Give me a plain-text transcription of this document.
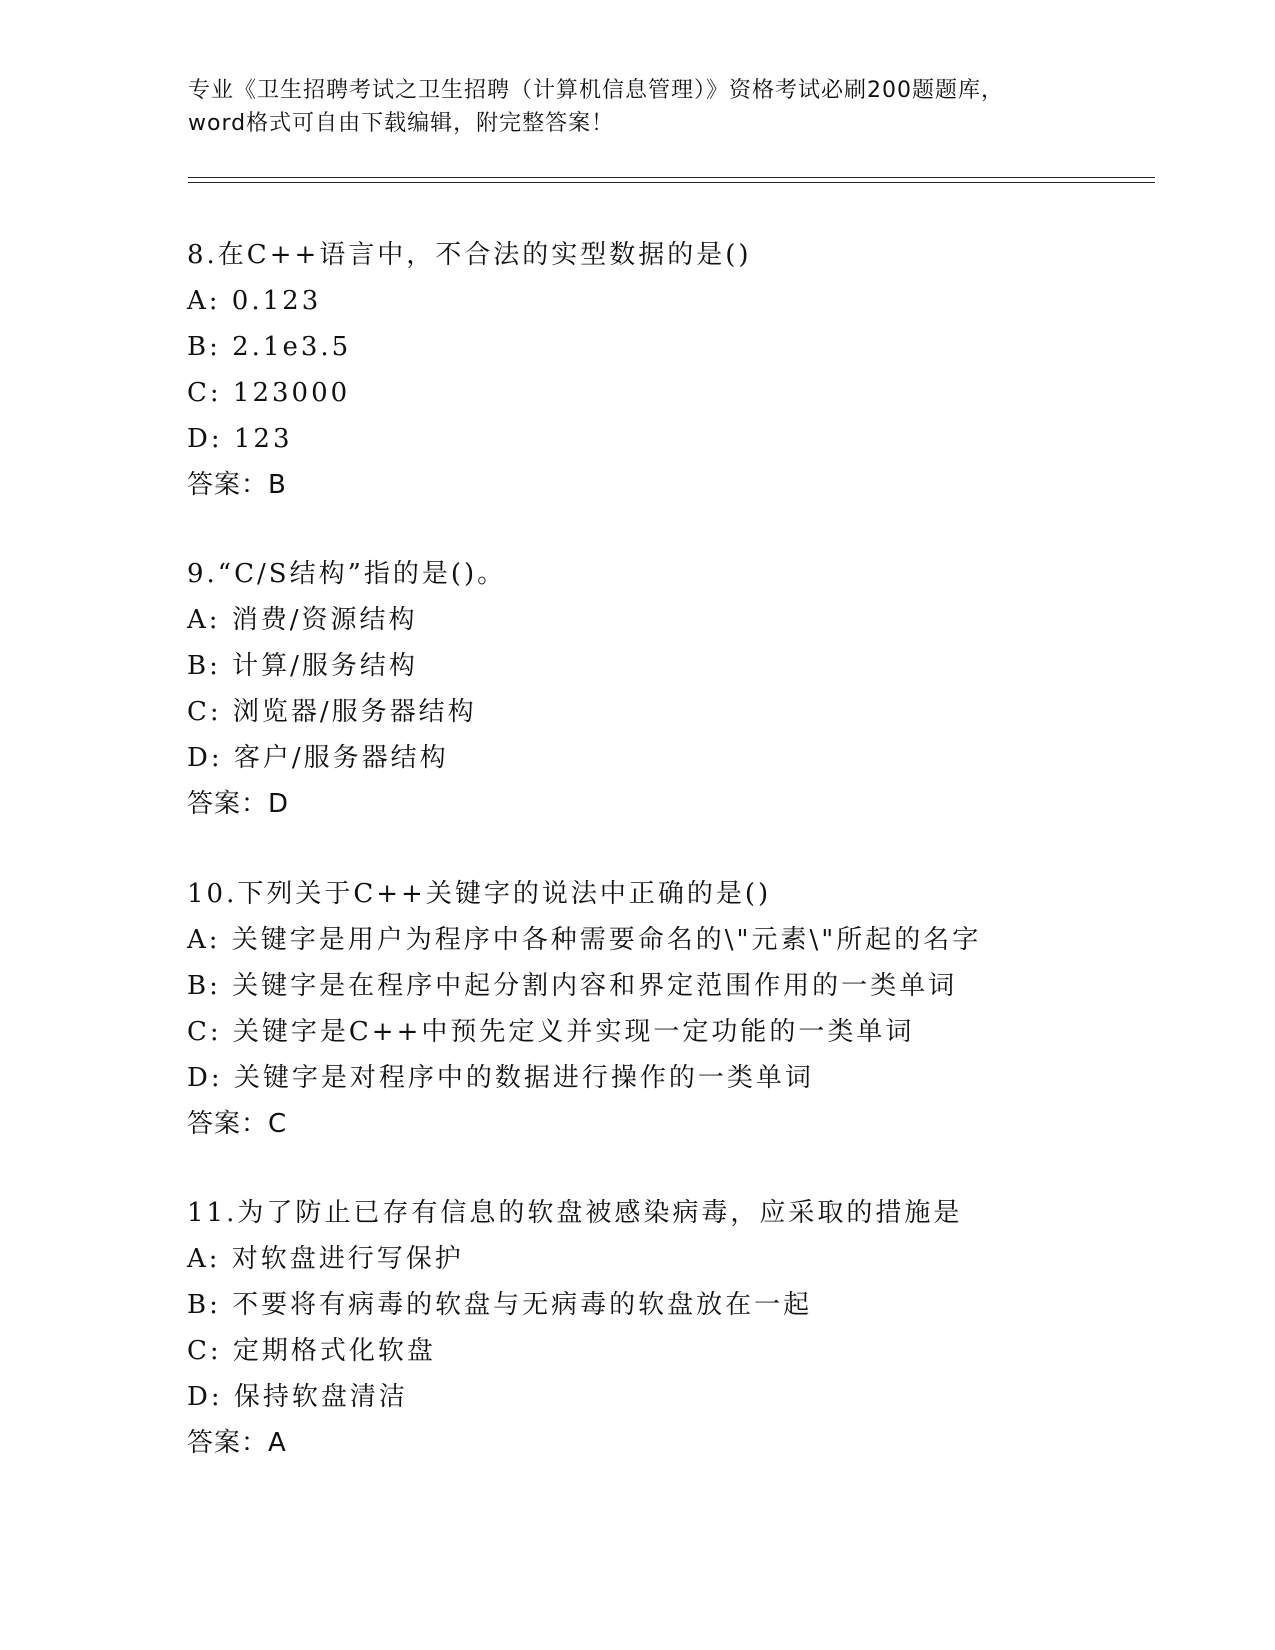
专业《卫生招聘考试之卫生招聘（计算机信息管理）》资格考试必刷200题题库，
word格式可自由下载编辑，附完整答案！
8.在C++语言中，不合法的实型数据的是()
A: 0.123
B: 2.1e3.5
C: 123000
D: 123
答案：B
9.“C/S结构”指的是()。
A: 消费/资源结构
B: 计算/服务结构
C: 浏览器/服务器结构
D: 客户/服务器结构
答案：D
10.下列关于C++关键字的说法中正确的是()
A: 关键字是用户为程序中各种需要命名的\"元素\"所起的名字
B: 关键字是在程序中起分割内容和界定范围作用的一类单词
C: 关键字是C++中预先定义并实现一定功能的一类单词
D: 关键字是对程序中的数据进行操作的一类单词
答案：C
11.为了防止已存有信息的软盘被感染病毒，应采取的措施是
A: 对软盘进行写保护
B: 不要将有病毒的软盘与无病毒的软盘放在一起
C: 定期格式化软盘
D: 保持软盘清洁
答案：A
